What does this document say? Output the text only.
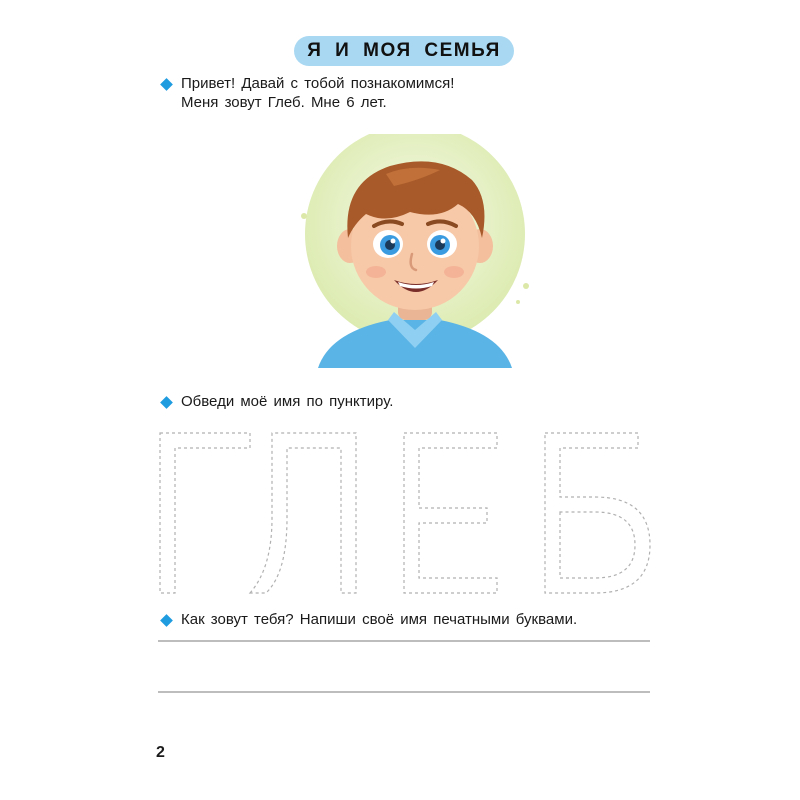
Я И МОЯ СЕМЬЯ
Привет! Давай с тобой познакомимся!
Меня зовут Глеб. Мне 6 лет.
Обведи моё имя по пунктиру.
Как зовут тебя? Напиши своё имя печатными буквами.
2
